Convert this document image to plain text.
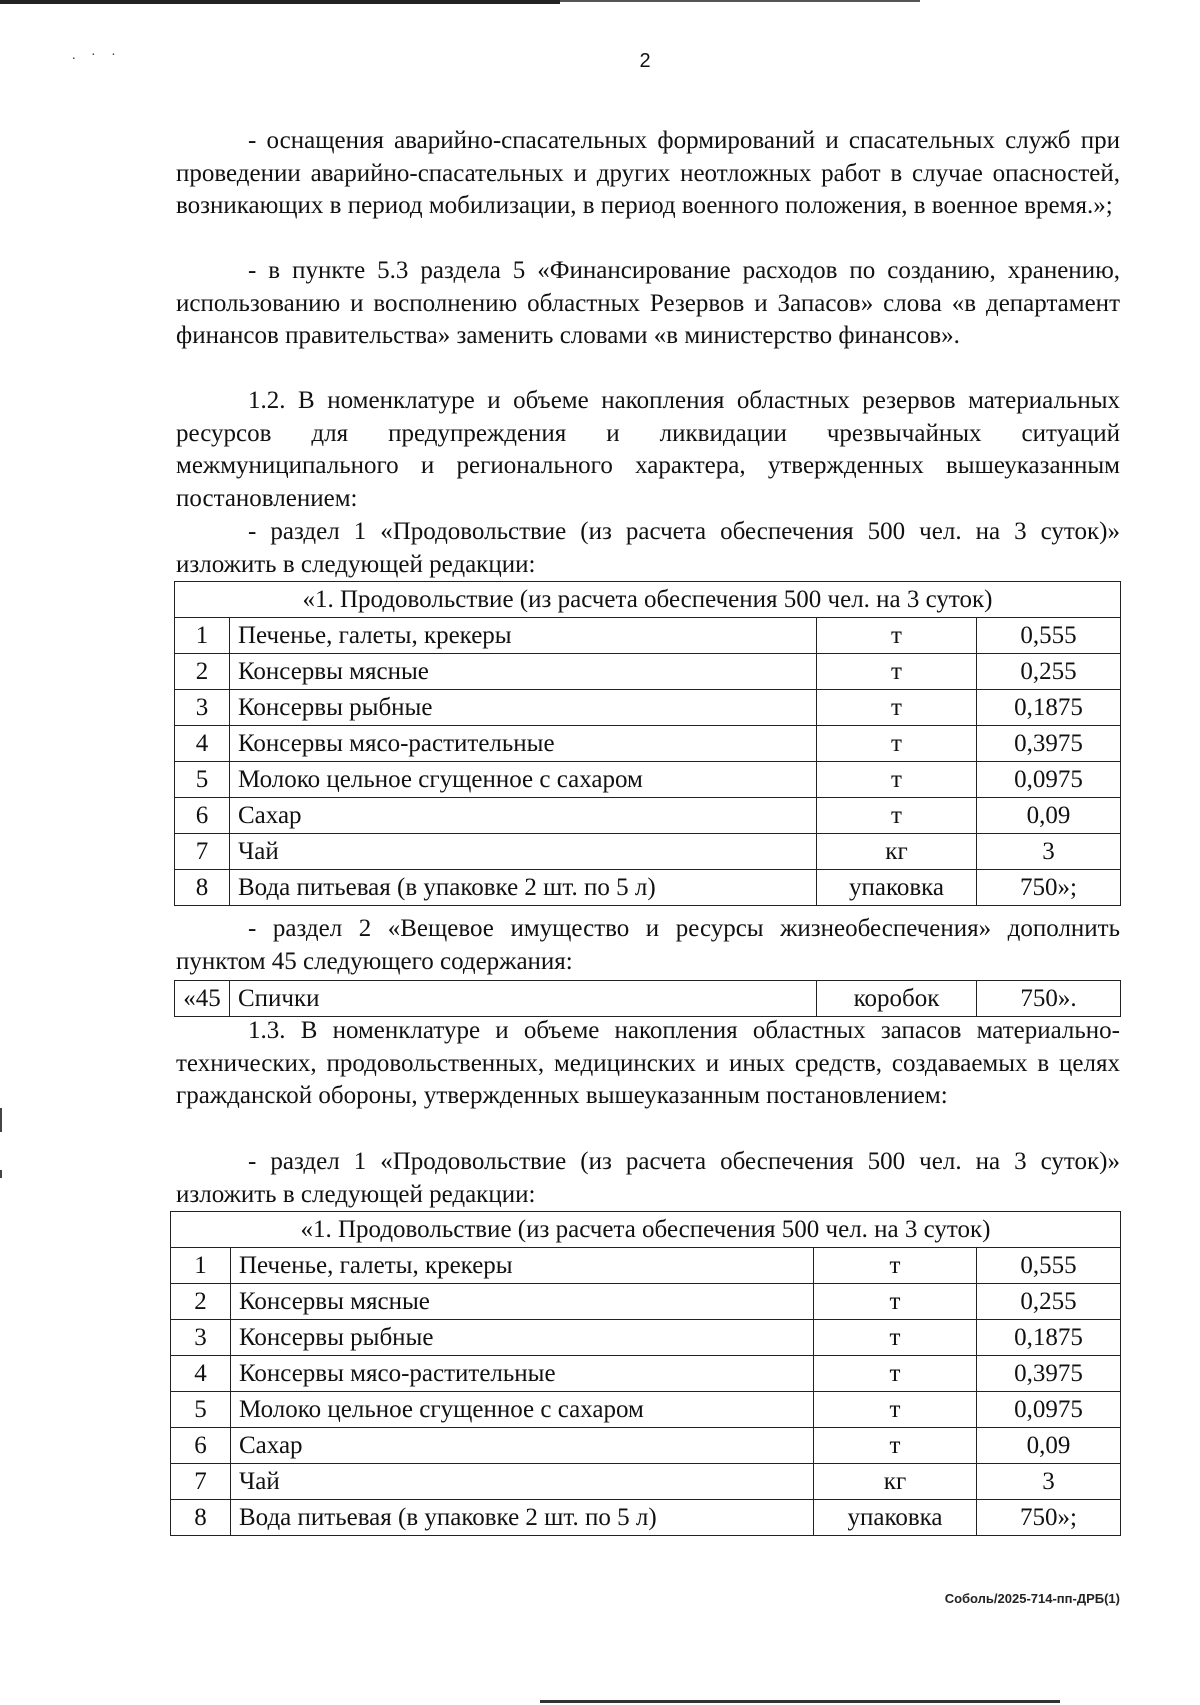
. · ·	2

- оснащения аварийно-спасательных формирований и спасательных служб при проведении аварийно-спасательных и других неотложных работ в случае опасностей, возникающих в период мобилизации, в период военного положения, в военное время.»;

- в пункте 5.3 раздела 5 «Финансирование расходов по созданию, хранению, использованию и восполнению областных Резервов и Запасов» слова «в департамент финансов правительства» заменить словами «в министерство финансов».

1.2. В номенклатуре и объеме накопления областных резервов материальных ресурсов для предупреждения и ликвидации чрезвычайных ситуаций межмуниципального и регионального характера, утвержденных вышеуказанным постановлением:

- раздел 1 «Продовольствие (из расчета обеспечения 500 чел. на 3 суток)» изложить в следующей редакции:

«1. Продовольствие (из расчета обеспечения 500 чел. на 3 суток)			
1	Печенье, галеты, крекеры	т	0,555
2	Консервы мясные	т	0,255
3	Консервы рыбные	т	0,1875
4	Консервы мясо-растительные	т	0,3975
5	Молоко цельное сгущенное с сахаром	т	0,0975
6	Сахар	т	0,09
7	Чай	кг	3
8	Вода питьевая (в упаковке 2 шт. по 5 л)	упаковка	750»;

- раздел 2 «Вещевое имущество и ресурсы жизнеобеспечения» дополнить пунктом 45 следующего содержания:

«45	Спички	коробок	750».

1.3. В номенклатуре и объеме накопления областных запасов материально-технических, продовольственных, медицинских и иных средств, создаваемых в целях гражданской обороны, утвержденных вышеуказанным постановлением:

- раздел 1 «Продовольствие (из расчета обеспечения 500 чел. на 3 суток)» изложить в следующей редакции:

«1. Продовольствие (из расчета обеспечения 500 чел. на 3 суток)			
1	Печенье, галеты, крекеры	т	0,555
2	Консервы мясные	т	0,255
3	Консервы рыбные	т	0,1875
4	Консервы мясо-растительные	т	0,3975
5	Молоко цельное сгущенное с сахаром	т	0,0975
6	Сахар	т	0,09
7	Чай	кг	3
8	Вода питьевая (в упаковке 2 шт. по 5 л)	упаковка	750»;
Соболь/2025-714-пп-ДРБ(1)
